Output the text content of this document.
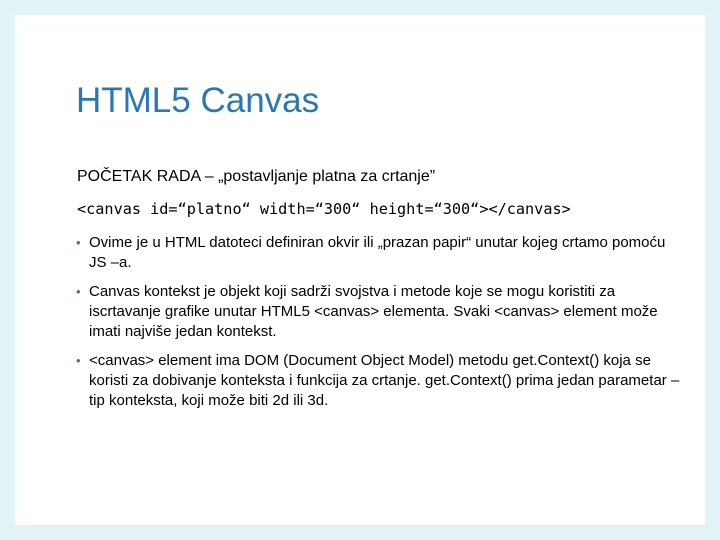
HTML5 Canvas
POČETAK RADA – „postavljanje platna za crtanje”
<canvas id=“platno“ width=“300“ height=“300“></canvas>
• Ovime je u HTML datoteci definiran okvir ili „prazan papir“ unutar kojeg crtamo pomoću JS –a.
• Canvas kontekst je objekt koji sadrži svojstva i metode koje se mogu koristiti za iscrtavanje grafike unutar HTML5 <canvas> elementa. Svaki <canvas> element može imati najviše jedan kontekst.
• <canvas> element ima DOM (Document Object Model) metodu get.Context() koja se koristi za dobivanje konteksta i funkcija za crtanje. get.Context() prima jedan parametar – tip konteksta, koji može biti 2d ili 3d.
